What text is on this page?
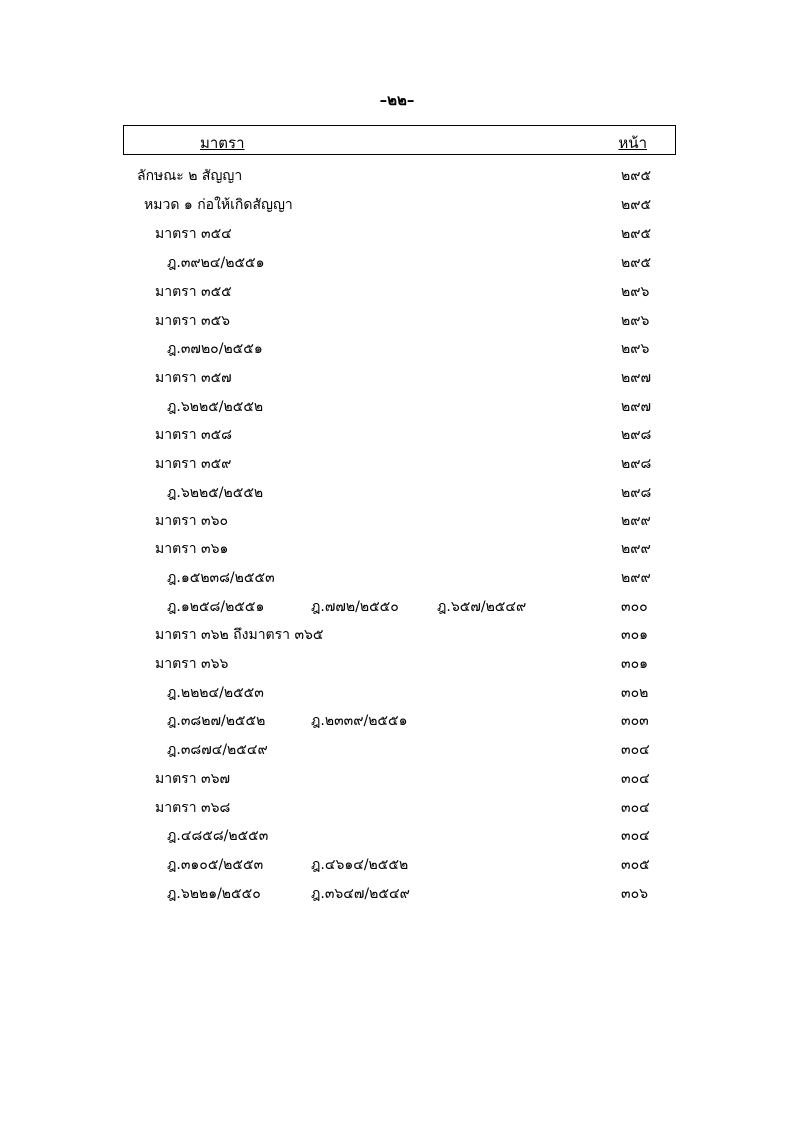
–๒๒–
มาตรา	หน้า
ลักษณะ ๒ สัญญา	๒๙๕
หมวด ๑ ก่อให้เกิดสัญญา	๒๙๕
มาตรา ๓๕๔	๒๙๕
ฎ.๓๙๒๔/๒๕๕๑	๒๙๕
มาตรา ๓๕๕	๒๙๖
มาตรา ๓๕๖	๒๙๖
ฎ.๓๗๒๐/๒๕๕๑	๒๙๖
มาตรา ๓๕๗	๒๙๗
ฎ.๖๒๒๕/๒๕๕๒	๒๙๗
มาตรา ๓๕๘	๒๙๘
มาตรา ๓๕๙	๒๙๘
ฎ.๖๒๒๕/๒๕๕๒	๒๙๘
มาตรา ๓๖๐	๒๙๙
มาตรา ๓๖๑	๒๙๙
ฎ.๑๕๒๓๘/๒๕๕๓	๒๙๙
ฎ.๑๒๕๘/๒๕๕๑	ฎ.๗๗๒/๒๕๕๐	ฎ.๖๕๗/๒๕๔๙	๓๐๐
มาตรา ๓๖๒ ถึงมาตรา ๓๖๕	๓๐๑
มาตรา ๓๖๖	๓๐๑
ฎ.๒๒๒๔/๒๕๕๓	๓๐๒
ฎ.๓๘๒๗/๒๕๕๒	ฎ.๒๓๓๙/๒๕๕๑	๓๐๓
ฎ.๓๘๗๔/๒๕๔๙	๓๐๔
มาตรา ๓๖๗	๓๐๔
มาตรา ๓๖๘	๓๐๔
ฎ.๔๘๕๘/๒๕๕๓	๓๐๔
ฎ.๓๑๐๕/๒๕๕๓	ฎ.๔๖๑๔/๒๕๕๒	๓๐๕
ฎ.๖๒๒๑/๒๕๕๐	ฎ.๓๖๔๗/๒๕๔๙	๓๐๖
